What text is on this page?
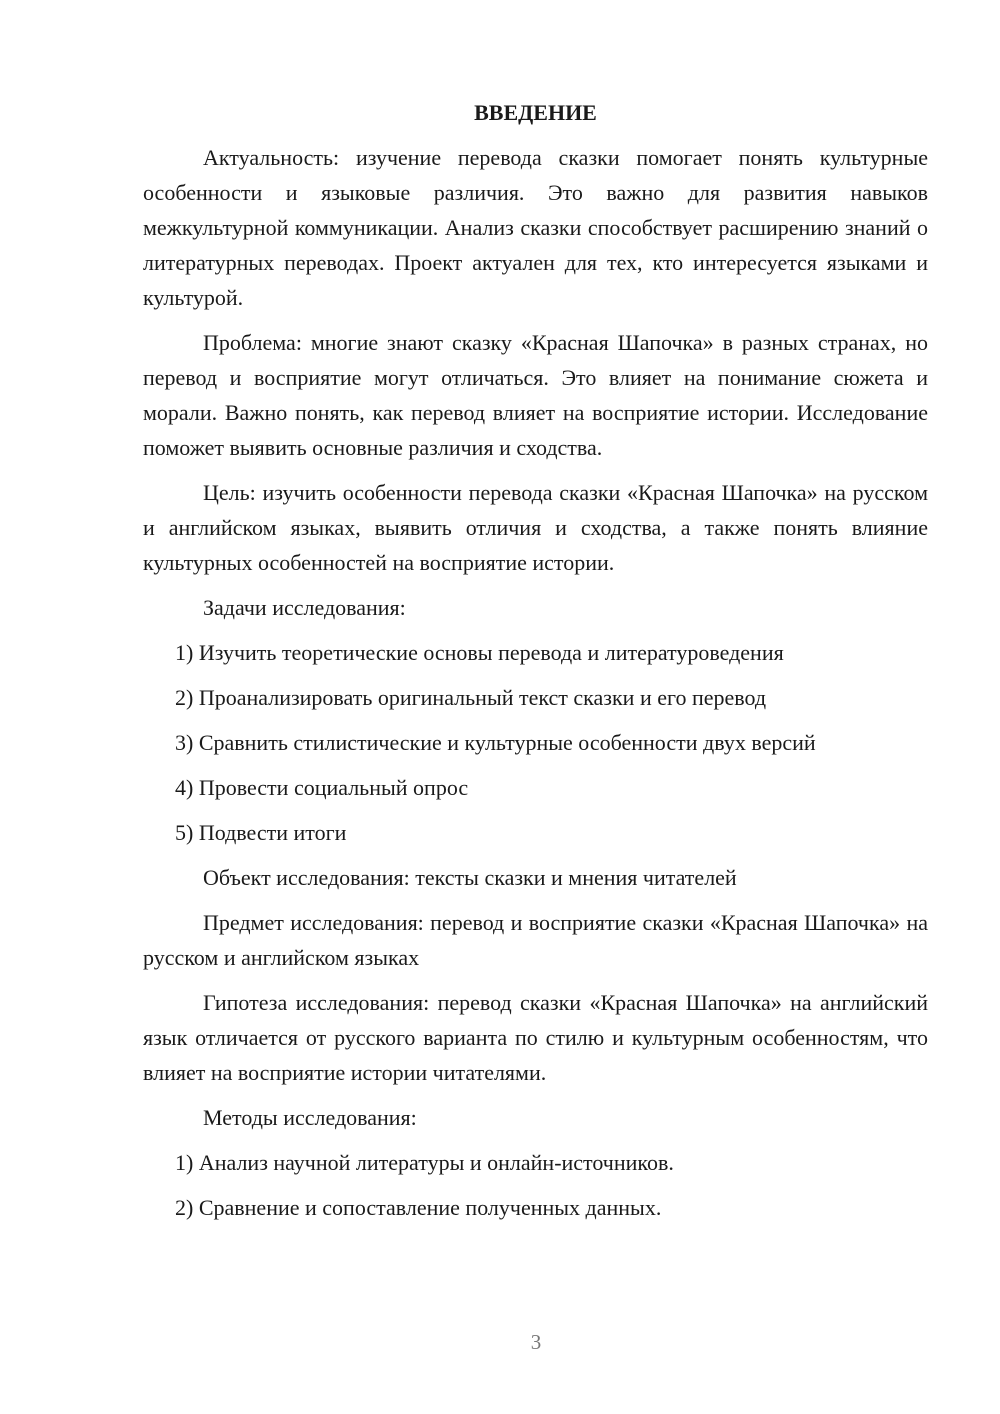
ВВЕДЕНИЕ

Актуальность: изучение перевода сказки помогает понять культурные особенности и языковые различия. Это важно для развития навыков межкультурной коммуникации. Анализ сказки способствует расширению знаний о литературных переводах. Проект актуален для тех, кто интересуется языками и культурой.

Проблема: многие знают сказку «Красная Шапочка» в разных странах, но перевод и восприятие могут отличаться. Это влияет на понимание сюжета и морали. Важно понять, как перевод влияет на восприятие истории. Исследование поможет выявить основные различия и сходства.

Цель: изучить особенности перевода сказки «Красная Шапочка» на русском и английском языках, выявить отличия и сходства, а также понять влияние культурных особенностей на восприятие истории.

Задачи исследования:

1) Изучить теоретические основы перевода и литературоведения
2) Проанализировать оригинальный текст сказки и его перевод
3) Сравнить стилистические и культурные особенности двух версий
4) Провести социальный опрос
5) Подвести итоги

Объект исследования: тексты сказки и мнения читателей

Предмет исследования: перевод и восприятие сказки «Красная Шапочка» на русском и английском языках

Гипотеза исследования: перевод сказки «Красная Шапочка» на английский язык отличается от русского варианта по стилю и культурным особенностям, что влияет на восприятие истории читателями.

Методы исследования:

1) Анализ научной литературы и онлайн-источников.
2) Сравнение и сопоставление полученных данных.
3
